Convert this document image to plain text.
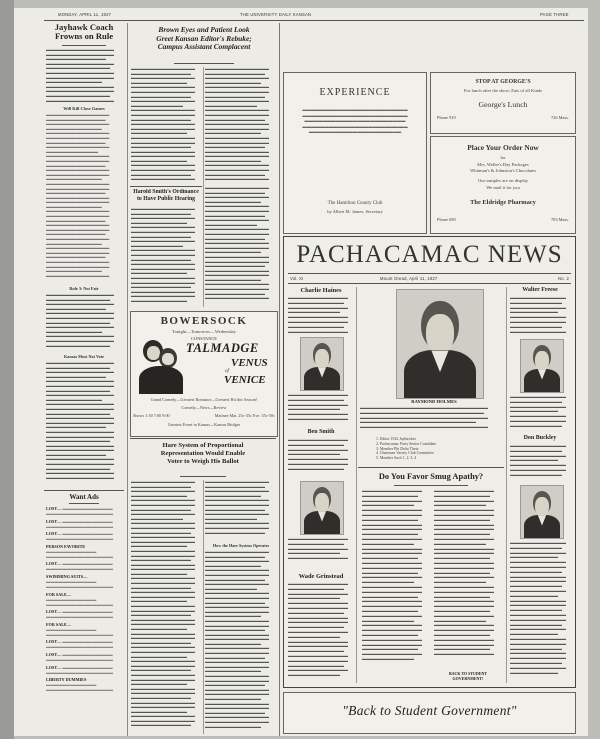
MONDAY, APRIL 11, 1927	THE UNIVERSITY DAILY KANSAN	PAGE THREE
Jayhawk Coach
Frowns on Rule
▬▬▬▬▬▬▬▬▬▬▬▬▬▬▬▬▬
▬▬▬▬▬▬▬▬▬▬▬▬▬▬▬▬▬
▬▬▬▬▬▬▬▬▬▬▬▬▬▬▬
▬▬▬▬▬▬▬▬▬▬▬▬▬▬▬▬▬
▬▬▬▬▬▬▬▬▬▬▬▬▬▬▬▬
▬▬▬▬▬▬▬▬▬▬▬▬▬▬▬▬▬
▬▬▬▬▬▬▬▬▬▬▬▬▬▬▬▬▬
▬▬▬▬▬▬▬▬▬▬▬▬▬▬
▬▬▬▬▬▬▬▬▬▬▬▬▬▬▬▬▬
▬▬▬▬▬▬▬▬▬▬▬▬▬▬▬▬▬
▬▬▬▬▬▬▬▬▬▬▬▬▬▬▬▬
▬▬▬▬▬▬▬▬▬▬▬▬▬▬▬▬▬
Will Kill Close Games
▬▬▬▬▬▬▬▬▬▬▬▬▬▬▬▬▬
▬▬▬▬▬▬▬▬▬▬▬▬▬▬▬▬
▬▬▬▬▬▬▬▬▬▬▬▬▬▬▬▬▬
▬▬▬▬▬▬▬▬▬▬▬▬▬▬▬
▬▬▬▬▬▬▬▬▬▬▬▬▬▬▬▬▬
▬▬▬▬▬▬▬▬▬▬▬▬▬▬▬▬▬
▬▬▬▬▬▬▬▬▬▬▬▬▬▬▬▬
▬▬▬▬▬▬▬▬▬▬▬▬▬▬▬▬▬
▬▬▬▬▬▬▬▬▬▬▬▬▬▬
▬▬▬▬▬▬▬▬▬▬▬▬▬▬▬▬▬
▬▬▬▬▬▬▬▬▬▬▬▬▬▬▬▬▬
▬▬▬▬▬▬▬▬▬▬▬▬▬▬▬▬
▬▬▬▬▬▬▬▬▬▬▬▬▬▬▬▬▬
▬▬▬▬▬▬▬▬▬▬▬▬▬▬▬▬▬
▬▬▬▬▬▬▬▬▬▬▬▬▬▬▬
▬▬▬▬▬▬▬▬▬▬▬▬▬▬▬▬▬
▬▬▬▬▬▬▬▬▬▬▬▬▬▬▬▬▬
▬▬▬▬▬▬▬▬▬▬▬▬▬▬▬▬
▬▬▬▬▬▬▬▬▬▬▬▬▬▬▬▬▬
▬▬▬▬▬▬▬▬▬▬▬▬▬▬▬▬▬
▬▬▬▬▬▬▬▬▬▬▬▬▬▬▬
▬▬▬▬▬▬▬▬▬▬▬▬▬▬▬▬▬
▬▬▬▬▬▬▬▬▬▬▬▬▬▬▬▬▬
▬▬▬▬▬▬▬▬▬▬▬▬▬▬▬▬
▬▬▬▬▬▬▬▬▬▬▬▬▬▬▬▬▬
▬▬▬▬▬▬▬▬▬▬▬▬▬▬▬▬▬
▬▬▬▬▬▬▬▬▬▬▬▬▬▬▬▬
▬▬▬▬▬▬▬▬▬▬▬▬▬▬▬▬▬
▬▬▬▬▬▬▬▬▬▬▬▬▬▬▬
▬▬▬▬▬▬▬▬▬▬▬▬▬▬▬▬▬
▬▬▬▬▬▬▬▬▬▬▬▬▬▬▬▬▬
▬▬▬▬▬▬▬▬▬▬▬▬▬▬▬▬
▬▬▬▬▬▬▬▬▬▬▬▬▬▬▬▬▬
▬▬▬▬▬▬▬▬▬▬▬▬▬▬▬▬▬
▬▬▬▬▬▬▬▬▬▬▬▬▬▬▬
▬▬▬▬▬▬▬▬▬▬▬▬▬▬▬▬▬
Rule 3: Not Fair
▬▬▬▬▬▬▬▬▬▬▬▬▬▬▬▬▬
▬▬▬▬▬▬▬▬▬▬▬▬▬▬▬▬
▬▬▬▬▬▬▬▬▬▬▬▬▬▬▬▬▬
▬▬▬▬▬▬▬▬▬▬▬▬▬▬▬
▬▬▬▬▬▬▬▬▬▬▬▬▬▬▬▬▬
▬▬▬▬▬▬▬▬▬▬▬▬▬▬▬▬▬
▬▬▬▬▬▬▬▬▬▬▬▬▬▬▬▬
▬▬▬▬▬▬▬▬▬▬▬▬▬▬▬▬▬
▬▬▬▬▬▬▬▬▬▬▬▬▬▬
▬▬▬▬▬▬▬▬▬▬▬▬▬▬▬▬▬
▬▬▬▬▬▬▬▬▬▬▬▬▬▬▬▬▬
▬▬▬▬▬▬▬▬▬▬▬▬▬▬▬▬
Kansas Must Not Vote
▬▬▬▬▬▬▬▬▬▬▬▬▬▬▬▬▬
▬▬▬▬▬▬▬▬▬▬▬▬▬▬▬▬
▬▬▬▬▬▬▬▬▬▬▬▬▬▬▬▬▬
▬▬▬▬▬▬▬▬▬▬▬▬▬▬▬
▬▬▬▬▬▬▬▬▬▬▬▬▬▬▬▬▬
▬▬▬▬▬▬▬▬▬▬▬▬▬▬▬▬▬
▬▬▬▬▬▬▬▬▬▬▬▬▬▬▬▬
▬▬▬▬▬▬▬▬▬▬▬▬▬▬▬▬▬
▬▬▬▬▬▬▬▬▬▬▬▬▬▬
▬▬▬▬▬▬▬▬▬▬▬▬▬▬▬▬▬
▬▬▬▬▬▬▬▬▬▬▬▬▬▬▬▬▬
▬▬▬▬▬▬▬▬▬▬▬▬▬▬▬▬
▬▬▬▬▬▬▬▬▬▬▬▬▬▬▬▬▬
▬▬▬▬▬▬▬▬▬▬▬▬▬▬▬▬▬
▬▬▬▬▬▬▬▬▬▬▬▬▬▬▬
▬▬▬▬▬▬▬▬▬▬▬▬▬▬▬▬▬
▬▬▬▬▬▬▬▬▬▬▬▬▬▬▬▬▬
▬▬▬▬▬▬▬▬▬▬▬▬▬▬▬▬
▬▬▬▬▬▬▬▬▬▬▬▬▬▬▬▬▬
▬▬▬▬▬▬▬▬▬▬▬▬▬▬▬▬▬
▬▬▬▬▬▬▬▬▬▬▬▬▬▬▬
▬▬▬▬▬▬▬▬▬▬▬▬▬▬▬▬▬
▬▬▬▬▬▬▬▬▬▬▬▬▬▬▬▬▬
▬▬▬▬▬▬▬▬▬▬▬▬▬▬▬▬
▬▬▬▬▬▬▬▬▬▬▬▬▬▬▬▬▬
▬▬▬▬▬▬▬▬▬▬▬▬▬▬▬▬▬
Want Ads
LOST— ▬▬▬▬▬▬▬▬▬▬▬▬ ▬▬▬▬▬▬▬▬▬▬▬▬▬▬▬▬
LOST— ▬▬▬▬▬▬▬▬▬▬▬▬ ▬▬▬▬▬▬▬▬▬▬▬▬▬▬▬▬
LOST— ▬▬▬▬▬▬▬▬▬▬▬▬ ▬▬▬▬▬▬▬▬▬▬▬▬▬▬▬▬
PERSON FAVORITE ▬▬▬▬▬▬▬▬▬▬▬▬ ▬▬▬▬▬▬▬▬▬▬▬▬▬▬▬▬
LOST— ▬▬▬▬▬▬▬▬▬▬▬▬ ▬▬▬▬▬▬▬▬▬▬▬▬▬▬▬▬
SWIMMING SUITS— ▬▬▬▬▬▬▬▬▬▬▬▬ ▬▬▬▬▬▬▬▬▬▬▬▬▬▬▬▬
FOR SALE— ▬▬▬▬▬▬▬▬▬▬▬▬ ▬▬▬▬▬▬▬▬▬▬▬▬▬▬▬▬
LOST— ▬▬▬▬▬▬▬▬▬▬▬▬ ▬▬▬▬▬▬▬▬▬▬▬▬▬▬▬▬
FOR SALE— ▬▬▬▬▬▬▬▬▬▬▬▬ ▬▬▬▬▬▬▬▬▬▬▬▬▬▬▬▬
LOST— ▬▬▬▬▬▬▬▬▬▬▬▬ ▬▬▬▬▬▬▬▬▬▬▬▬▬▬▬▬
LOST— ▬▬▬▬▬▬▬▬▬▬▬▬ ▬▬▬▬▬▬▬▬▬▬▬▬▬▬▬▬
LOST— ▬▬▬▬▬▬▬▬▬▬▬▬ ▬▬▬▬▬▬▬▬▬▬▬▬▬▬▬▬
LIBERTY DUMMIES ▬▬▬▬▬▬▬▬▬▬▬▬ ▬▬▬▬▬▬▬▬▬▬▬▬▬▬▬▬
Brown Eyes and Patient Look
Greet Kansan Editor's Rebuke;
Campus Assistant Complacent
▬▬▬▬▬▬▬▬▬▬▬▬▬▬▬▬
▬▬▬▬▬▬▬▬▬▬▬▬▬▬▬
▬▬▬▬▬▬▬▬▬▬▬▬▬▬▬▬
▬▬▬▬▬▬▬▬▬▬▬▬▬▬
▬▬▬▬▬▬▬▬▬▬▬▬▬▬▬▬
▬▬▬▬▬▬▬▬▬▬▬▬▬▬▬▬
▬▬▬▬▬▬▬▬▬▬▬▬▬▬▬
▬▬▬▬▬▬▬▬▬▬▬▬▬▬▬▬
▬▬▬▬▬▬▬▬▬▬▬▬▬
▬▬▬▬▬▬▬▬▬▬▬▬▬▬▬▬
▬▬▬▬▬▬▬▬▬▬▬▬▬▬▬▬
▬▬▬▬▬▬▬▬▬▬▬▬▬▬▬
▬▬▬▬▬▬▬▬▬▬▬▬▬▬▬▬
▬▬▬▬▬▬▬▬▬▬▬▬▬▬▬▬
▬▬▬▬▬▬▬▬▬▬▬▬▬▬
▬▬▬▬▬▬▬▬▬▬▬▬▬▬▬▬
▬▬▬▬▬▬▬▬▬▬▬▬▬▬▬▬
▬▬▬▬▬▬▬▬▬▬▬▬▬▬▬
▬▬▬▬▬▬▬▬▬▬▬▬▬▬▬▬
▬▬▬▬▬▬▬▬▬▬▬▬▬▬▬▬
▬▬▬▬▬▬▬▬▬▬▬▬▬▬
▬▬▬▬▬▬▬▬▬▬▬▬▬▬▬▬
▬▬▬▬▬▬▬▬▬▬▬▬▬▬▬▬
▬▬▬▬▬▬▬▬▬▬▬▬▬▬▬
▬▬▬▬▬▬▬▬▬▬▬▬▬▬▬▬
▬▬▬▬▬▬▬▬▬▬▬▬▬▬▬▬
▬▬▬▬▬▬▬▬▬▬▬▬▬▬▬
▬▬▬▬▬▬▬▬▬▬▬▬▬▬▬▬
▬▬▬▬▬▬▬▬▬▬▬▬▬▬
▬▬▬▬▬▬▬▬▬▬▬▬▬▬▬▬
▬▬▬▬▬▬▬▬▬▬▬▬▬▬▬▬
▬▬▬▬▬▬▬▬▬▬▬▬▬▬▬
▬▬▬▬▬▬▬▬▬▬▬▬▬▬▬▬
▬▬▬▬▬▬▬▬▬▬▬▬▬
▬▬▬▬▬▬▬▬▬▬▬▬▬▬▬▬
▬▬▬▬▬▬▬▬▬▬▬▬▬▬▬▬
▬▬▬▬▬▬▬▬▬▬▬▬▬▬▬
▬▬▬▬▬▬▬▬▬▬▬▬▬▬▬▬
▬▬▬▬▬▬▬▬▬▬▬▬▬▬▬▬
▬▬▬▬▬▬▬▬▬▬▬▬▬▬
▬▬▬▬▬▬▬▬▬▬▬▬▬▬▬▬
▬▬▬▬▬▬▬▬▬▬▬▬▬▬▬▬
▬▬▬▬▬▬▬▬▬▬▬▬▬▬▬
▬▬▬▬▬▬▬▬▬▬▬▬▬▬▬▬
▬▬▬▬▬▬▬▬▬▬▬▬▬▬▬▬
▬▬▬▬▬▬▬▬▬▬▬▬▬▬
▬▬▬▬▬▬▬▬▬▬▬▬▬▬▬▬
▬▬▬▬▬▬▬▬▬▬▬▬▬▬▬▬
▬▬▬▬▬▬▬▬▬▬▬▬▬▬▬
▬▬▬▬▬▬▬▬▬▬▬▬▬▬▬▬
Harold Smith's Ordinance
to Have Public Hearing
▬▬▬▬▬▬▬▬▬▬▬▬▬▬▬▬
▬▬▬▬▬▬▬▬▬▬▬▬▬▬▬
▬▬▬▬▬▬▬▬▬▬▬▬▬▬▬▬
▬▬▬▬▬▬▬▬▬▬▬▬▬▬
▬▬▬▬▬▬▬▬▬▬▬▬▬▬▬▬
▬▬▬▬▬▬▬▬▬▬▬▬▬▬▬▬
▬▬▬▬▬▬▬▬▬▬▬▬▬▬▬
▬▬▬▬▬▬▬▬▬▬▬▬▬▬▬▬
▬▬▬▬▬▬▬▬▬▬▬▬▬
▬▬▬▬▬▬▬▬▬▬▬▬▬▬▬▬
▬▬▬▬▬▬▬▬▬▬▬▬▬▬▬▬
▬▬▬▬▬▬▬▬▬▬▬▬▬▬▬
▬▬▬▬▬▬▬▬▬▬▬▬▬▬▬▬
▬▬▬▬▬▬▬▬▬▬▬▬▬▬▬▬
▬▬▬▬▬▬▬▬▬▬▬▬▬▬
▬▬▬▬▬▬▬▬▬▬▬▬▬▬▬▬
▬▬▬▬▬▬▬▬▬▬▬▬▬▬▬▬
▬▬▬▬▬▬▬▬▬▬▬▬▬▬▬
▬▬▬▬▬▬▬▬▬▬▬▬▬▬▬▬
▬▬▬▬▬▬▬▬▬▬▬▬▬▬▬▬
▬▬▬▬▬▬▬▬▬▬▬▬▬▬
▬▬▬▬▬▬▬▬▬▬▬▬▬▬▬▬
▬▬▬▬▬▬▬▬▬▬▬▬▬▬▬
▬▬▬▬▬▬▬▬▬▬▬▬▬▬▬▬
▬▬▬▬▬▬▬▬▬▬▬▬▬▬
▬▬▬▬▬▬▬▬▬▬▬▬▬▬▬▬
▬▬▬▬▬▬▬▬▬▬▬▬▬▬▬▬
▬▬▬▬▬▬▬▬▬▬▬▬▬▬▬
▬▬▬▬▬▬▬▬▬▬▬▬▬▬▬▬
▬▬▬▬▬▬▬▬▬▬▬▬▬
▬▬▬▬▬▬▬▬▬▬▬▬▬▬▬▬
▬▬▬▬▬▬▬▬▬▬▬▬▬▬▬▬
▬▬▬▬▬▬▬▬▬▬▬▬▬▬▬
▬▬▬▬▬▬▬▬▬▬▬▬▬▬▬▬
▬▬▬▬▬▬▬▬▬▬▬▬▬▬▬▬
▬▬▬▬▬▬▬▬▬▬▬▬▬▬
▬▬▬▬▬▬▬▬▬▬▬▬▬▬▬▬
▬▬▬▬▬▬▬▬▬▬▬▬▬▬▬▬
▬▬▬▬▬▬▬▬▬▬▬▬▬▬▬
▬▬▬▬▬▬▬▬▬▬▬▬▬▬▬▬
▬▬▬▬▬▬▬▬▬▬▬▬▬▬▬▬
▬▬▬▬▬▬▬▬▬▬▬▬▬▬
▬▬▬▬▬▬▬▬▬▬▬▬▬▬▬▬
▬▬▬▬▬▬▬▬▬▬▬▬▬▬▬▬
▬▬▬▬▬▬▬▬▬▬▬▬▬▬▬
▬▬▬▬▬▬▬▬▬▬▬▬▬▬▬▬
BOWERSOCK
Tonight—Tomorrow—Wednesday
CONSTANCE
TALMADGE
VENUS
of
VENICE
Grand Comedy—Greatest Romance—Greatest Hit this Season!
Comedy—News—Review
Shows 1:30 7:00 9:00	Matinee Mat. 25c-35c Eve. 35c-50c
Greatest Event in Kansas—Kansas Bridges
Hare System of Proportional
Representation Would Enable
Voter to Weigh His Ballot
▬▬▬▬▬▬▬▬▬▬▬▬▬▬▬▬
▬▬▬▬▬▬▬▬▬▬▬▬▬▬▬
▬▬▬▬▬▬▬▬▬▬▬▬▬▬▬▬
▬▬▬▬▬▬▬▬▬▬▬▬▬▬
▬▬▬▬▬▬▬▬▬▬▬▬▬▬▬▬
▬▬▬▬▬▬▬▬▬▬▬▬▬▬▬▬
▬▬▬▬▬▬▬▬▬▬▬▬▬▬▬
▬▬▬▬▬▬▬▬▬▬▬▬▬▬▬▬
▬▬▬▬▬▬▬▬▬▬▬▬▬
▬▬▬▬▬▬▬▬▬▬▬▬▬▬▬▬
▬▬▬▬▬▬▬▬▬▬▬▬▬▬▬▬
▬▬▬▬▬▬▬▬▬▬▬▬▬▬▬
▬▬▬▬▬▬▬▬▬▬▬▬▬▬▬▬
▬▬▬▬▬▬▬▬▬▬▬▬▬▬▬▬
▬▬▬▬▬▬▬▬▬▬▬▬▬▬
▬▬▬▬▬▬▬▬▬▬▬▬▬▬▬▬
▬▬▬▬▬▬▬▬▬▬▬▬▬▬▬▬
▬▬▬▬▬▬▬▬▬▬▬▬▬▬▬
▬▬▬▬▬▬▬▬▬▬▬▬▬▬▬▬
▬▬▬▬▬▬▬▬▬▬▬▬▬▬▬▬
▬▬▬▬▬▬▬▬▬▬▬▬▬▬
▬▬▬▬▬▬▬▬▬▬▬▬▬▬▬▬
▬▬▬▬▬▬▬▬▬▬▬▬▬▬▬▬
▬▬▬▬▬▬▬▬▬▬▬▬▬▬▬
▬▬▬▬▬▬▬▬▬▬▬▬▬▬▬▬
▬▬▬▬▬▬▬▬▬▬▬▬▬▬▬▬
▬▬▬▬▬▬▬▬▬▬▬▬▬▬
▬▬▬▬▬▬▬▬▬▬▬▬▬▬▬▬
▬▬▬▬▬▬▬▬▬▬▬▬▬▬▬▬
▬▬▬▬▬▬▬▬▬▬▬▬▬▬▬
▬▬▬▬▬▬▬▬▬▬▬▬▬▬▬▬
▬▬▬▬▬▬▬▬▬▬▬▬▬▬▬▬
▬▬▬▬▬▬▬▬▬▬▬▬▬▬
▬▬▬▬▬▬▬▬▬▬▬▬▬▬▬▬
▬▬▬▬▬▬▬▬▬▬▬▬▬▬▬▬
▬▬▬▬▬▬▬▬▬▬▬▬▬▬▬
▬▬▬▬▬▬▬▬▬▬▬▬▬▬▬▬
▬▬▬▬▬▬▬▬▬▬▬▬▬▬▬▬
▬▬▬▬▬▬▬▬▬▬▬▬▬▬
▬▬▬▬▬▬▬▬▬▬▬▬▬▬▬▬
▬▬▬▬▬▬▬▬▬▬▬▬▬▬▬▬
▬▬▬▬▬▬▬▬▬▬▬▬▬▬▬
▬▬▬▬▬▬▬▬▬▬▬▬▬▬▬▬
▬▬▬▬▬▬▬▬▬▬▬▬▬▬▬▬
▬▬▬▬▬▬▬▬▬▬▬▬▬▬
▬▬▬▬▬▬▬▬▬▬▬▬▬▬▬▬
▬▬▬▬▬▬▬▬▬▬▬▬▬▬▬▬
▬▬▬▬▬▬▬▬▬▬▬▬▬▬▬
▬▬▬▬▬▬▬▬▬▬▬▬▬▬▬▬
▬▬▬▬▬▬▬▬▬▬▬▬▬▬▬▬
▬▬▬▬▬▬▬▬▬▬▬▬▬▬
▬▬▬▬▬▬▬▬▬▬▬▬▬▬▬▬
▬▬▬▬▬▬▬▬▬▬▬▬▬▬▬▬
▬▬▬▬▬▬▬▬▬▬▬▬▬▬▬
▬▬▬▬▬▬▬▬▬▬▬▬▬▬▬▬
▬▬▬▬▬▬▬▬▬▬▬▬▬▬▬
▬▬▬▬▬▬▬▬▬▬▬▬▬▬▬▬
▬▬▬▬▬▬▬▬▬▬▬▬▬▬
▬▬▬▬▬▬▬▬▬▬▬▬▬▬▬▬
▬▬▬▬▬▬▬▬▬▬▬▬▬▬▬▬
▬▬▬▬▬▬▬▬▬▬▬▬▬▬▬
▬▬▬▬▬▬▬▬▬▬▬▬▬▬▬▬
▬▬▬▬▬▬▬▬▬▬▬▬▬
▬▬▬▬▬▬▬▬▬▬▬▬▬▬▬▬
▬▬▬▬▬▬▬▬▬▬▬▬▬▬▬▬
▬▬▬▬▬▬▬▬▬▬▬▬▬▬▬
How the Hare System Operates
▬▬▬▬▬▬▬▬▬▬▬▬▬▬▬▬
▬▬▬▬▬▬▬▬▬▬▬▬▬▬▬
▬▬▬▬▬▬▬▬▬▬▬▬▬▬▬▬
▬▬▬▬▬▬▬▬▬▬▬▬▬▬
▬▬▬▬▬▬▬▬▬▬▬▬▬▬▬▬
▬▬▬▬▬▬▬▬▬▬▬▬▬▬▬▬
▬▬▬▬▬▬▬▬▬▬▬▬▬▬▬
▬▬▬▬▬▬▬▬▬▬▬▬▬▬▬▬
▬▬▬▬▬▬▬▬▬▬▬▬▬
▬▬▬▬▬▬▬▬▬▬▬▬▬▬▬▬
▬▬▬▬▬▬▬▬▬▬▬▬▬▬▬▬
▬▬▬▬▬▬▬▬▬▬▬▬▬▬▬
▬▬▬▬▬▬▬▬▬▬▬▬▬▬▬▬
▬▬▬▬▬▬▬▬▬▬▬▬▬▬▬▬
▬▬▬▬▬▬▬▬▬▬▬▬▬▬
▬▬▬▬▬▬▬▬▬▬▬▬▬▬▬▬
▬▬▬▬▬▬▬▬▬▬▬▬▬▬▬▬
▬▬▬▬▬▬▬▬▬▬▬▬▬▬▬
▬▬▬▬▬▬▬▬▬▬▬▬▬▬▬▬
▬▬▬▬▬▬▬▬▬▬▬▬▬▬▬▬
▬▬▬▬▬▬▬▬▬▬▬▬▬▬
▬▬▬▬▬▬▬▬▬▬▬▬▬▬▬▬
▬▬▬▬▬▬▬▬▬▬▬▬▬▬▬▬
▬▬▬▬▬▬▬▬▬▬▬▬▬▬▬
▬▬▬▬▬▬▬▬▬▬▬▬▬▬▬▬
▬▬▬▬▬▬▬▬▬▬▬▬▬▬▬▬
▬▬▬▬▬▬▬▬▬▬▬▬▬▬
▬▬▬▬▬▬▬▬▬▬▬▬▬▬▬▬
▬▬▬▬▬▬▬▬▬▬▬▬▬▬▬▬
▬▬▬▬▬▬▬▬▬▬▬▬▬▬▬
▬▬▬▬▬▬▬▬▬▬▬▬▬▬▬▬
▬▬▬▬▬▬▬▬▬▬▬▬▬▬▬▬
▬▬▬▬▬▬▬▬▬▬▬▬▬▬
▬▬▬▬▬▬▬▬▬▬▬▬▬▬▬▬
▬▬▬▬▬▬▬▬▬▬▬▬▬▬▬▬
▬▬▬▬▬▬▬▬▬▬▬▬▬▬▬
▬▬▬▬▬▬▬▬▬▬▬▬▬▬▬▬
▬▬▬▬▬▬▬▬▬▬▬▬▬▬▬▬
▬▬▬▬▬▬▬▬▬▬▬▬▬▬
EXPERIENCE
▬▬▬▬▬▬▬▬▬▬▬▬▬▬▬▬▬▬▬▬▬▬▬▬
▬▬▬▬▬▬▬▬▬▬▬▬▬▬▬▬▬▬▬▬▬▬▬▬
▬▬▬▬▬▬▬▬▬▬▬▬▬▬▬▬▬▬▬▬▬▬▬
▬▬▬▬▬▬▬▬▬▬▬▬▬▬▬▬▬▬▬▬▬▬▬▬
▬▬▬▬▬▬▬▬▬▬▬▬▬▬▬▬▬▬▬▬▬
The Hamilton County Club
by Albert M. James, Secretary
STOP AT GEORGE'S
For lunch after the show; Eats of all Kinds
George's Lunch
Phone 919	726 Mass.
Place Your Order Now
for
Mrs. Weller's Day Packages
Whitman's & Johnston's Chocolates
Our samples are on display
We mail it for you
The Eldridge Pharmacy
Phone 690	703 Mass.
PACHACAMAC NEWS
Vol. XI	Mount Oread, April 11, 1927	No. 2
Charlie Haines
▬▬▬▬▬▬▬▬▬▬▬▬▬▬▬
▬▬▬▬▬▬▬▬▬▬▬▬▬▬
▬▬▬▬▬▬▬▬▬▬▬▬▬▬▬
▬▬▬▬▬▬▬▬▬▬▬▬▬
▬▬▬▬▬▬▬▬▬▬▬▬▬▬▬
▬▬▬▬▬▬▬▬▬▬▬▬▬▬▬
▬▬▬▬▬▬▬▬▬▬▬▬▬▬
▬▬▬▬▬▬▬▬▬▬▬▬▬▬▬
▬▬▬▬▬▬▬▬▬▬▬▬▬▬▬
▬▬▬▬▬▬▬▬▬▬▬▬▬▬
▬▬▬▬▬▬▬▬▬▬▬▬▬▬▬
▬▬▬▬▬▬▬▬▬▬▬▬▬
▬▬▬▬▬▬▬▬▬▬▬▬▬▬▬
▬▬▬▬▬▬▬▬▬▬▬▬▬▬▬
Ben Smith
▬▬▬▬▬▬▬▬▬▬▬▬▬▬▬
▬▬▬▬▬▬▬▬▬▬▬▬▬▬
▬▬▬▬▬▬▬▬▬▬▬▬▬▬▬
▬▬▬▬▬▬▬▬▬▬▬▬▬
▬▬▬▬▬▬▬▬▬▬▬▬▬▬▬
▬▬▬▬▬▬▬▬▬▬▬▬▬▬▬
▬▬▬▬▬▬▬▬▬▬▬▬▬▬
▬▬▬▬▬▬▬▬▬▬▬▬▬▬▬
▬▬▬▬▬▬▬▬▬▬▬▬▬▬
▬▬▬▬▬▬▬▬▬▬▬▬▬▬▬
▬▬▬▬▬▬▬▬▬▬▬▬▬
▬▬▬▬▬▬▬▬▬▬▬▬▬▬▬
Wade Grinstead
▬▬▬▬▬▬▬▬▬▬▬▬▬▬▬
▬▬▬▬▬▬▬▬▬▬▬▬▬▬
▬▬▬▬▬▬▬▬▬▬▬▬▬▬▬
▬▬▬▬▬▬▬▬▬▬▬▬▬
▬▬▬▬▬▬▬▬▬▬▬▬▬▬▬
▬▬▬▬▬▬▬▬▬▬▬▬▬▬▬
▬▬▬▬▬▬▬▬▬▬▬▬▬▬
▬▬▬▬▬▬▬▬▬▬▬▬▬▬▬
▬▬▬▬▬▬▬▬▬▬▬▬▬▬▬
▬▬▬▬▬▬▬▬▬▬▬▬▬▬
▬▬▬▬▬▬▬▬▬▬▬▬▬▬▬
▬▬▬▬▬▬▬▬▬▬▬▬▬
▬▬▬▬▬▬▬▬▬▬▬▬▬▬▬
▬▬▬▬▬▬▬▬▬▬▬▬▬▬▬
▬▬▬▬▬▬▬▬▬▬▬▬▬▬
▬▬▬▬▬▬▬▬▬▬▬▬▬▬▬
▬▬▬▬▬▬▬▬▬▬▬▬▬▬▬
▬▬▬▬▬▬▬▬▬▬▬▬▬▬
▬▬▬▬▬▬▬▬▬▬▬▬▬▬▬
▬▬▬▬▬▬▬▬▬▬▬▬▬
RAYMOND HOLMES
▬▬▬▬▬▬▬▬▬▬▬▬▬▬▬▬▬▬▬▬▬▬▬▬▬▬▬▬▬▬▬▬
▬▬▬▬▬▬▬▬▬▬▬▬▬▬▬▬▬▬▬▬▬▬▬▬▬▬▬▬▬▬▬
▬▬▬▬▬▬▬▬▬▬▬▬▬▬▬▬▬▬▬▬▬▬▬▬▬▬▬▬▬▬▬▬
▬▬▬▬▬▬▬▬▬▬▬▬▬▬▬▬▬▬▬▬▬▬▬▬▬▬▬▬▬
▬▬▬▬▬▬▬▬▬▬▬▬▬▬▬▬▬▬▬▬▬▬▬▬▬▬▬▬▬▬▬▬
1. Editor 1922 Jayhawker
2. Pachacamac Party Senior Candidate
3. Member Phi Delta Theta
4. Chairman Varsity Club Committee
5. Member Sach 1, 2, 3, 4
Do You Favor Smug Apathy?
▬▬▬▬▬▬▬▬▬▬▬▬▬▬▬
▬▬▬▬▬▬▬▬▬▬▬▬▬▬
▬▬▬▬▬▬▬▬▬▬▬▬▬▬▬
▬▬▬▬▬▬▬▬▬▬▬▬▬
▬▬▬▬▬▬▬▬▬▬▬▬▬▬▬
▬▬▬▬▬▬▬▬▬▬▬▬▬▬▬
▬▬▬▬▬▬▬▬▬▬▬▬▬▬
▬▬▬▬▬▬▬▬▬▬▬▬▬▬▬
▬▬▬▬▬▬▬▬▬▬▬▬▬▬▬
▬▬▬▬▬▬▬▬▬▬▬▬▬▬
▬▬▬▬▬▬▬▬▬▬▬▬▬▬▬
▬▬▬▬▬▬▬▬▬▬▬▬▬
▬▬▬▬▬▬▬▬▬▬▬▬▬▬▬
▬▬▬▬▬▬▬▬▬▬▬▬▬▬▬
▬▬▬▬▬▬▬▬▬▬▬▬▬▬
▬▬▬▬▬▬▬▬▬▬▬▬▬▬▬
▬▬▬▬▬▬▬▬▬▬▬▬▬▬▬
▬▬▬▬▬▬▬▬▬▬▬▬▬▬
▬▬▬▬▬▬▬▬▬▬▬▬▬▬▬
▬▬▬▬▬▬▬▬▬▬▬▬▬
▬▬▬▬▬▬▬▬▬▬▬▬▬▬▬
▬▬▬▬▬▬▬▬▬▬▬▬▬▬▬
▬▬▬▬▬▬▬▬▬▬▬▬▬▬
▬▬▬▬▬▬▬▬▬▬▬▬▬▬▬
▬▬▬▬▬▬▬▬▬▬▬▬▬▬▬
▬▬▬▬▬▬▬▬▬▬▬▬▬▬
▬▬▬▬▬▬▬▬▬▬▬▬▬▬▬
▬▬▬▬▬▬▬▬▬▬▬▬▬
▬▬▬▬▬▬▬▬▬▬▬▬▬▬▬
▬▬▬▬▬▬▬▬▬▬▬▬▬▬▬
▬▬▬▬▬▬▬▬▬▬▬▬▬▬
▬▬▬▬▬▬▬▬▬▬▬▬▬▬▬
▬▬▬▬▬▬▬▬▬▬▬▬▬▬▬
▬▬▬▬▬▬▬▬▬▬▬▬▬▬
▬▬▬▬▬▬▬▬▬▬▬▬▬▬▬
▬▬▬▬▬▬▬▬▬▬▬▬▬
▬▬▬▬▬▬▬▬▬▬▬▬▬▬▬
▬▬▬▬▬▬▬▬▬▬▬▬▬▬
▬▬▬▬▬▬▬▬▬▬▬▬▬▬▬
▬▬▬▬▬▬▬▬▬▬▬▬▬
▬▬▬▬▬▬▬▬▬▬▬▬▬▬▬
▬▬▬▬▬▬▬▬▬▬▬▬▬▬▬
▬▬▬▬▬▬▬▬▬▬▬▬▬▬
▬▬▬▬▬▬▬▬▬▬▬▬▬▬▬
▬▬▬▬▬▬▬▬▬▬▬▬▬▬▬
▬▬▬▬▬▬▬▬▬▬▬▬▬▬
▬▬▬▬▬▬▬▬▬▬▬▬▬▬▬
▬▬▬▬▬▬▬▬▬▬▬▬▬
▬▬▬▬▬▬▬▬▬▬▬▬▬▬▬
▬▬▬▬▬▬▬▬▬▬▬▬▬▬▬
▬▬▬▬▬▬▬▬▬▬▬▬▬▬
▬▬▬▬▬▬▬▬▬▬▬▬▬▬▬
▬▬▬▬▬▬▬▬▬▬▬▬▬▬▬
▬▬▬▬▬▬▬▬▬▬▬▬▬▬
▬▬▬▬▬▬▬▬▬▬▬▬▬▬▬
▬▬▬▬▬▬▬▬▬▬▬▬▬
▬▬▬▬▬▬▬▬▬▬▬▬▬▬▬
▬▬▬▬▬▬▬▬▬▬▬▬▬▬▬
▬▬▬▬▬▬▬▬▬▬▬▬▬▬
▬▬▬▬▬▬▬▬▬▬▬▬▬▬▬
▬▬▬▬▬▬▬▬▬▬▬▬▬▬▬
▬▬▬▬▬▬▬▬▬▬▬▬▬▬
▬▬▬▬▬▬▬▬▬▬▬▬▬▬▬
▬▬▬▬▬▬▬▬▬▬▬▬▬
▬▬▬▬▬▬▬▬▬▬▬▬▬▬▬
▬▬▬▬▬▬▬▬▬▬▬▬▬▬▬
▬▬▬▬▬▬▬▬▬▬▬▬▬▬
▬▬▬▬▬▬▬▬▬▬▬▬▬▬▬
▬▬▬▬▬▬▬▬▬▬▬▬▬▬▬
▬▬▬▬▬▬▬▬▬▬▬▬▬▬
▬▬▬▬▬▬▬▬▬▬▬▬▬▬▬
BACK TO STUDENT GOVERNMENT!
Walter Freese
▬▬▬▬▬▬▬▬▬▬▬▬▬▬
▬▬▬▬▬▬▬▬▬▬▬▬▬
▬▬▬▬▬▬▬▬▬▬▬▬▬▬
▬▬▬▬▬▬▬▬▬▬▬▬
▬▬▬▬▬▬▬▬▬▬▬▬▬▬
▬▬▬▬▬▬▬▬▬▬▬▬▬▬
▬▬▬▬▬▬▬▬▬▬▬▬▬
▬▬▬▬▬▬▬▬▬▬▬▬▬▬
▬▬▬▬▬▬▬▬▬▬▬▬▬▬
▬▬▬▬▬▬▬▬▬▬▬▬▬
▬▬▬▬▬▬▬▬▬▬▬▬▬▬
▬▬▬▬▬▬▬▬▬▬▬▬
▬▬▬▬▬▬▬▬▬▬▬▬▬▬
▬▬▬▬▬▬▬▬▬▬▬▬▬▬
▬▬▬▬▬▬▬▬▬▬▬▬▬
Don Buckley
▬▬▬▬▬▬▬▬▬▬▬▬▬▬
▬▬▬▬▬▬▬▬▬▬▬▬▬
▬▬▬▬▬▬▬▬▬▬▬▬▬▬
▬▬▬▬▬▬▬▬▬▬▬▬
▬▬▬▬▬▬▬▬▬▬▬▬▬▬
▬▬▬▬▬▬▬▬▬▬▬▬▬▬
▬▬▬▬▬▬▬▬▬▬▬▬▬
▬▬▬▬▬▬▬▬▬▬▬▬▬▬
▬▬▬▬▬▬▬▬▬▬▬▬▬
▬▬▬▬▬▬▬▬▬▬▬▬▬▬
▬▬▬▬▬▬▬▬▬▬▬▬
▬▬▬▬▬▬▬▬▬▬▬▬▬▬
▬▬▬▬▬▬▬▬▬▬▬▬▬▬
▬▬▬▬▬▬▬▬▬▬▬▬▬
▬▬▬▬▬▬▬▬▬▬▬▬▬▬
▬▬▬▬▬▬▬▬▬▬▬▬▬▬
▬▬▬▬▬▬▬▬▬▬▬▬▬
▬▬▬▬▬▬▬▬▬▬▬▬▬▬
▬▬▬▬▬▬▬▬▬▬▬▬
▬▬▬▬▬▬▬▬▬▬▬▬▬▬
▬▬▬▬▬▬▬▬▬▬▬▬▬▬
▬▬▬▬▬▬▬▬▬▬▬▬▬
▬▬▬▬▬▬▬▬▬▬▬▬▬▬
▬▬▬▬▬▬▬▬▬▬▬▬▬▬
▬▬▬▬▬▬▬▬▬▬▬▬▬
▬▬▬▬▬▬▬▬▬▬▬▬▬▬
▬▬▬▬▬▬▬▬▬▬▬▬
▬▬▬▬▬▬▬▬▬▬▬▬▬▬
▬▬▬▬▬▬▬▬▬▬▬▬▬▬
▬▬▬▬▬▬▬▬▬▬▬▬▬
▬▬▬▬▬▬▬▬▬▬▬▬▬▬
▬▬▬▬▬▬▬▬▬▬▬▬▬▬
▬▬▬▬▬▬▬▬▬▬▬▬▬
▬▬▬▬▬▬▬▬▬▬▬▬▬▬
▬▬▬▬▬▬▬▬▬▬▬▬
"Back to Student Government"
